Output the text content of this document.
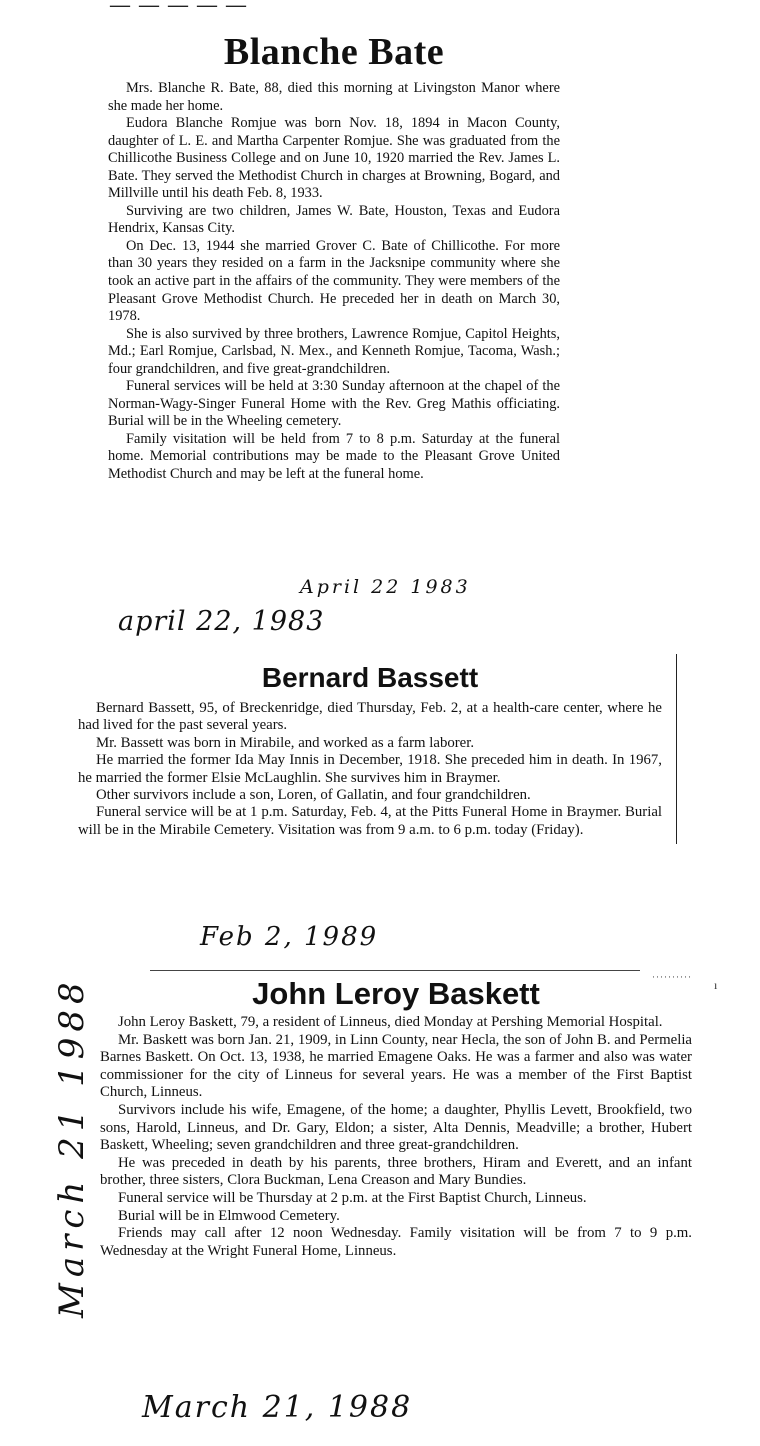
— — — — —
Blanche Bate

Mrs. Blanche R. Bate, 88, died this morning at Livingston Manor where she made her home.

Eudora Blanche Romjue was born Nov. 18, 1894 in Macon County, daughter of L. E. and Martha Carpenter Romjue. She was graduated from the Chillicothe Business College and on June 10, 1920 married the Rev. James L. Bate. They served the Methodist Church in charges at Browning, Bogard, and Millville until his death Feb. 8, 1933.

Surviving are two children, James W. Bate, Houston, Texas and Eudora Hendrix, Kansas City.

On Dec. 13, 1944 she married Grover C. Bate of Chillicothe. For more than 30 years they resided on a farm in the Jacksnipe community where she took an active part in the affairs of the community. They were members of the Pleasant Grove Methodist Church. He preceded her in death on March 30, 1978.

She is also survived by three brothers, Lawrence Romjue, Capitol Heights, Md.; Earl Romjue, Carlsbad, N. Mex., and Kenneth Romjue, Tacoma, Wash.; four grandchildren, and five great-grandchildren.

Funeral services will be held at 3:30 Sunday afternoon at the chapel of the Norman-Wagy-Singer Funeral Home with the Rev. Greg Mathis officiating. Burial will be in the Wheeling cemetery.

Family visitation will be held from 7 to 8 p.m. Saturday at the funeral home. Memorial contributions may be made to the Pleasant Grove United Methodist Church and may be left at the funeral home.

April 22 1983
april 22, 1983
Bernard Bassett

Bernard Bassett, 95, of Breckenridge, died Thursday, Feb. 2, at a health-care center, where he had lived for the past several years.

Mr. Bassett was born in Mirabile, and worked as a farm laborer.

He married the former Ida May Innis in December, 1918. She preceded him in death. In 1967, he married the former Elsie McLaughlin. She survives him in Braymer.

Other survivors include a son, Loren, of Gallatin, and four grandchildren.

Funeral service will be at 1 p.m. Saturday, Feb. 4, at the Pitts Funeral Home in Braymer. Burial will be in the Mirabile Cemetery. Visitation was from 9 a.m. to 6 p.m. today (Friday).

Feb 2, 1989
··········
ı
John Leroy Baskett

John Leroy Baskett, 79, a resident of Linneus, died Monday at Pershing Memorial Hospital.

Mr. Baskett was born Jan. 21, 1909, in Linn County, near Hecla, the son of John B. and Permelia Barnes Baskett. On Oct. 13, 1938, he married Emagene Oaks. He was a farmer and also was water commissioner for the city of Linneus for several years. He was a member of the First Baptist Church, Linneus.

Survivors include his wife, Emagene, of the home; a daughter, Phyllis Levett, Brookfield, two sons, Harold, Linneus, and Dr. Gary, Eldon; a sister, Alta Dennis, Meadville; a brother, Hubert Baskett, Wheeling; seven grandchildren and three great-grandchildren.

He was preceded in death by his parents, three brothers, Hiram and Everett, and an infant brother, three sisters, Clora Buckman, Lena Creason and Mary Bundies.

Funeral service will be Thursday at 2 p.m. at the First Baptist Church, Linneus.

Burial will be in Elmwood Cemetery.

Friends may call after 12 noon Wednesday. Family visitation will be from 7 to 9 p.m. Wednesday at the Wright Funeral Home, Linneus.

March 21 1988
March 21, 1988
